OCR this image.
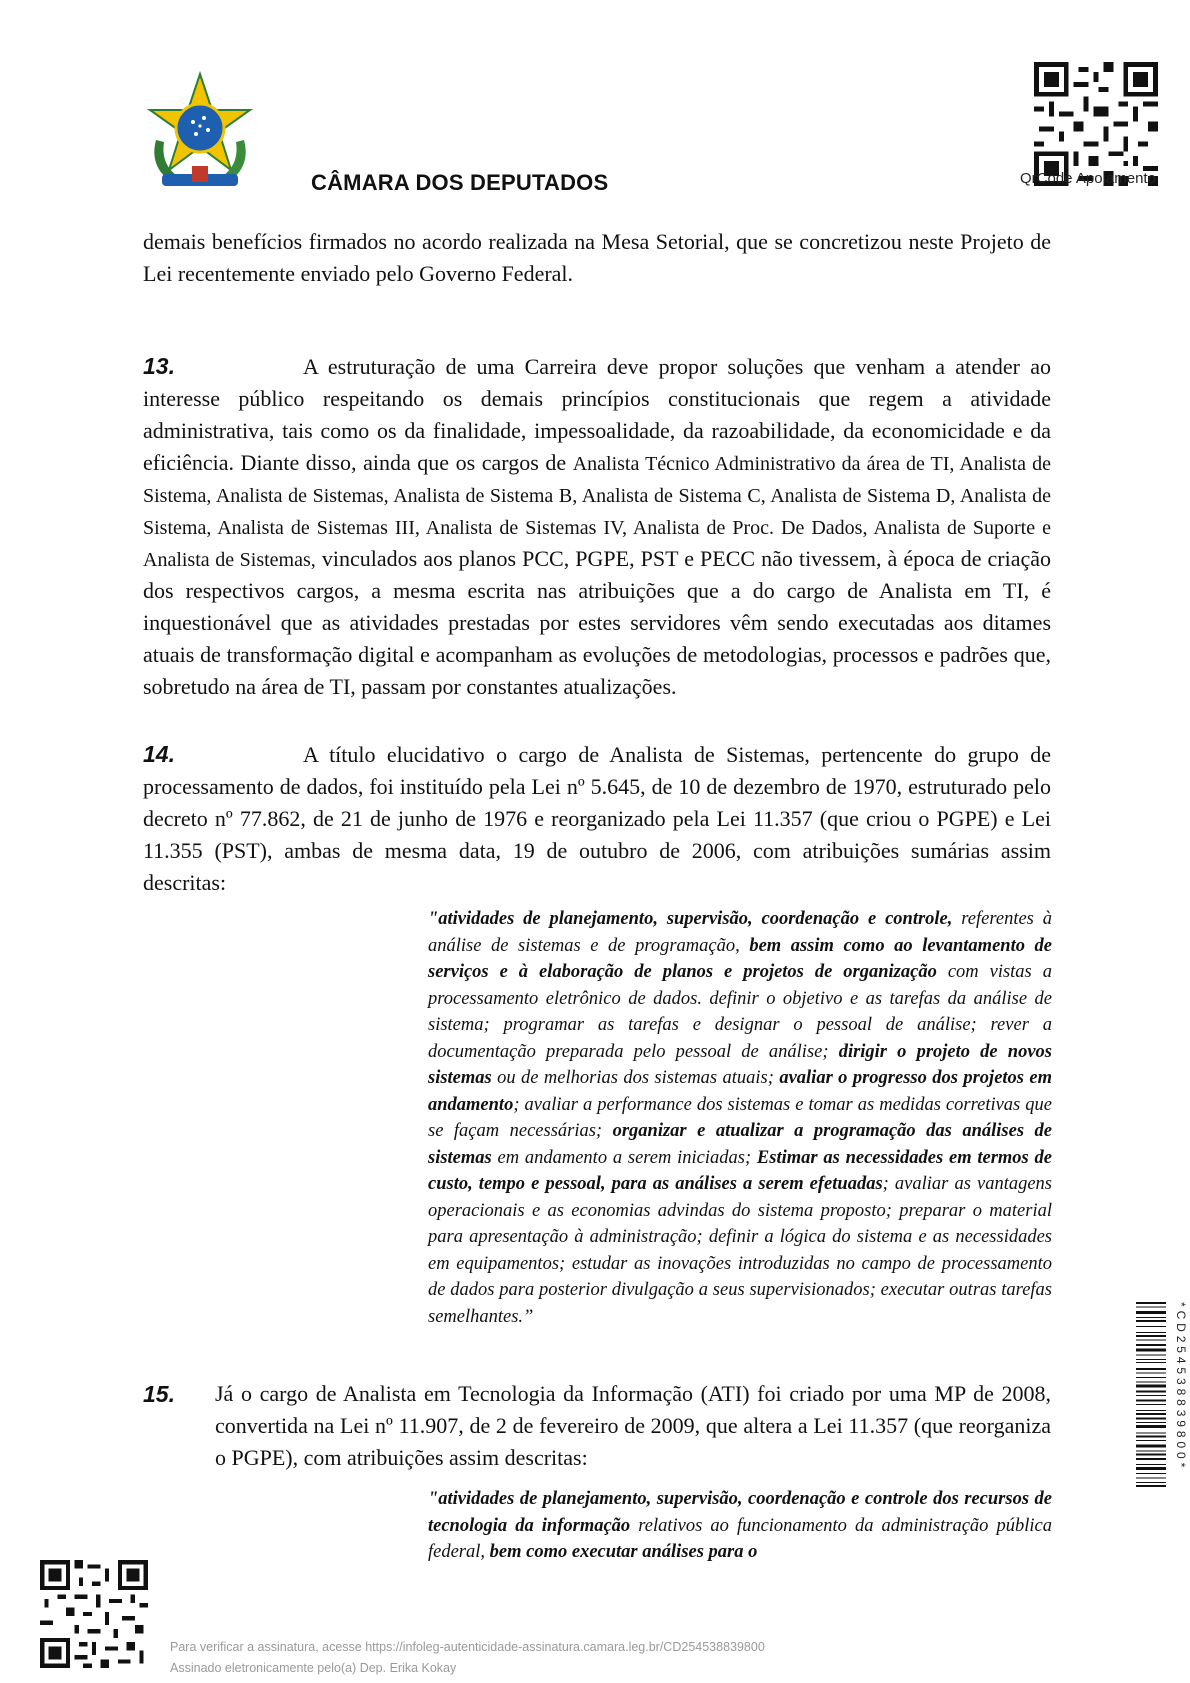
CÂMARA DOS DEPUTADOS	QrCode Apoiamento
demais benefícios firmados no acordo realizada na Mesa Setorial, que se concretizou neste Projeto de Lei recentemente enviado pelo Governo Federal.
13.	A estruturação de uma Carreira deve propor soluções que venham a atender ao interesse público respeitando os demais princípios constitucionais que regem a atividade administrativa, tais como os da finalidade, impessoalidade, da razoabilidade, da economicidade e da eficiência. Diante disso, ainda que os cargos de Analista Técnico Administrativo da área de TI, Analista de Sistema, Analista de Sistemas, Analista de Sistema B, Analista de Sistema C, Analista de Sistema D, Analista de Sistema, Analista de Sistemas III, Analista de Sistemas IV, Analista de Proc. De Dados, Analista de Suporte e Analista de Sistemas, vinculados aos planos PCC, PGPE, PST e PECC não tivessem, à época de criação dos respectivos cargos, a mesma escrita nas atribuições que a do cargo de Analista em TI, é inquestionável que as atividades prestadas por estes servidores vêm sendo executadas aos ditames atuais de transformação digital e acompanham as evoluções de metodologias, processos e padrões que, sobretudo na área de TI, passam por constantes atualizações.
14.	A título elucidativo o cargo de Analista de Sistemas, pertencente do grupo de processamento de dados, foi instituído pela Lei nº 5.645, de 10 de dezembro de 1970, estruturado pelo decreto nº 77.862, de 21 de junho de 1976 e reorganizado pela Lei 11.357 (que criou o PGPE) e Lei 11.355 (PST), ambas de mesma data, 19 de outubro de 2006, com atribuições sumárias assim descritas:
"atividades de planejamento, supervisão, coordenação e controle, referentes à análise de sistemas e de programação, bem assim como ao levantamento de serviços e à elaboração de planos e projetos de organização com vistas a processamento eletrônico de dados. definir o objetivo e as tarefas da análise de sistema; programar as tarefas e designar o pessoal de análise; rever a documentação preparada pelo pessoal de análise; dirigir o projeto de novos sistemas ou de melhorias dos sistemas atuais; avaliar o progresso dos projetos em andamento; avaliar a performance dos sistemas e tomar as medidas corretivas que se façam necessárias; organizar e atualizar a programação das análises de sistemas em andamento a serem iniciadas; Estimar as necessidades em termos de custo, tempo e pessoal, para as análises a serem efetuadas; avaliar as vantagens operacionais e as economias advindas do sistema proposto; preparar o material para apresentação à administração; definir a lógica do sistema e as necessidades em equipamentos; estudar as inovações introduzidas no campo de processamento de dados para posterior divulgação a seus supervisionados; executar outras tarefas semelhantes.”
15. Já o cargo de Analista em Tecnologia da Informação (ATI) foi criado por uma MP de 2008, convertida na Lei nº 11.907, de 2 de fevereiro de 2009, que altera a Lei 11.357 (que reorganiza o PGPE), com atribuições assim descritas:
"atividades de planejamento, supervisão, coordenação e controle dos recursos de tecnologia da informação relativos ao funcionamento da administração pública federal, bem como executar análises para o
*CD254538839800*
Para verificar a assinatura, acesse https://infoleg-autenticidade-assinatura.camara.leg.br/CD254538839800
Assinado eletronicamente pelo(a) Dep. Erika Kokay
